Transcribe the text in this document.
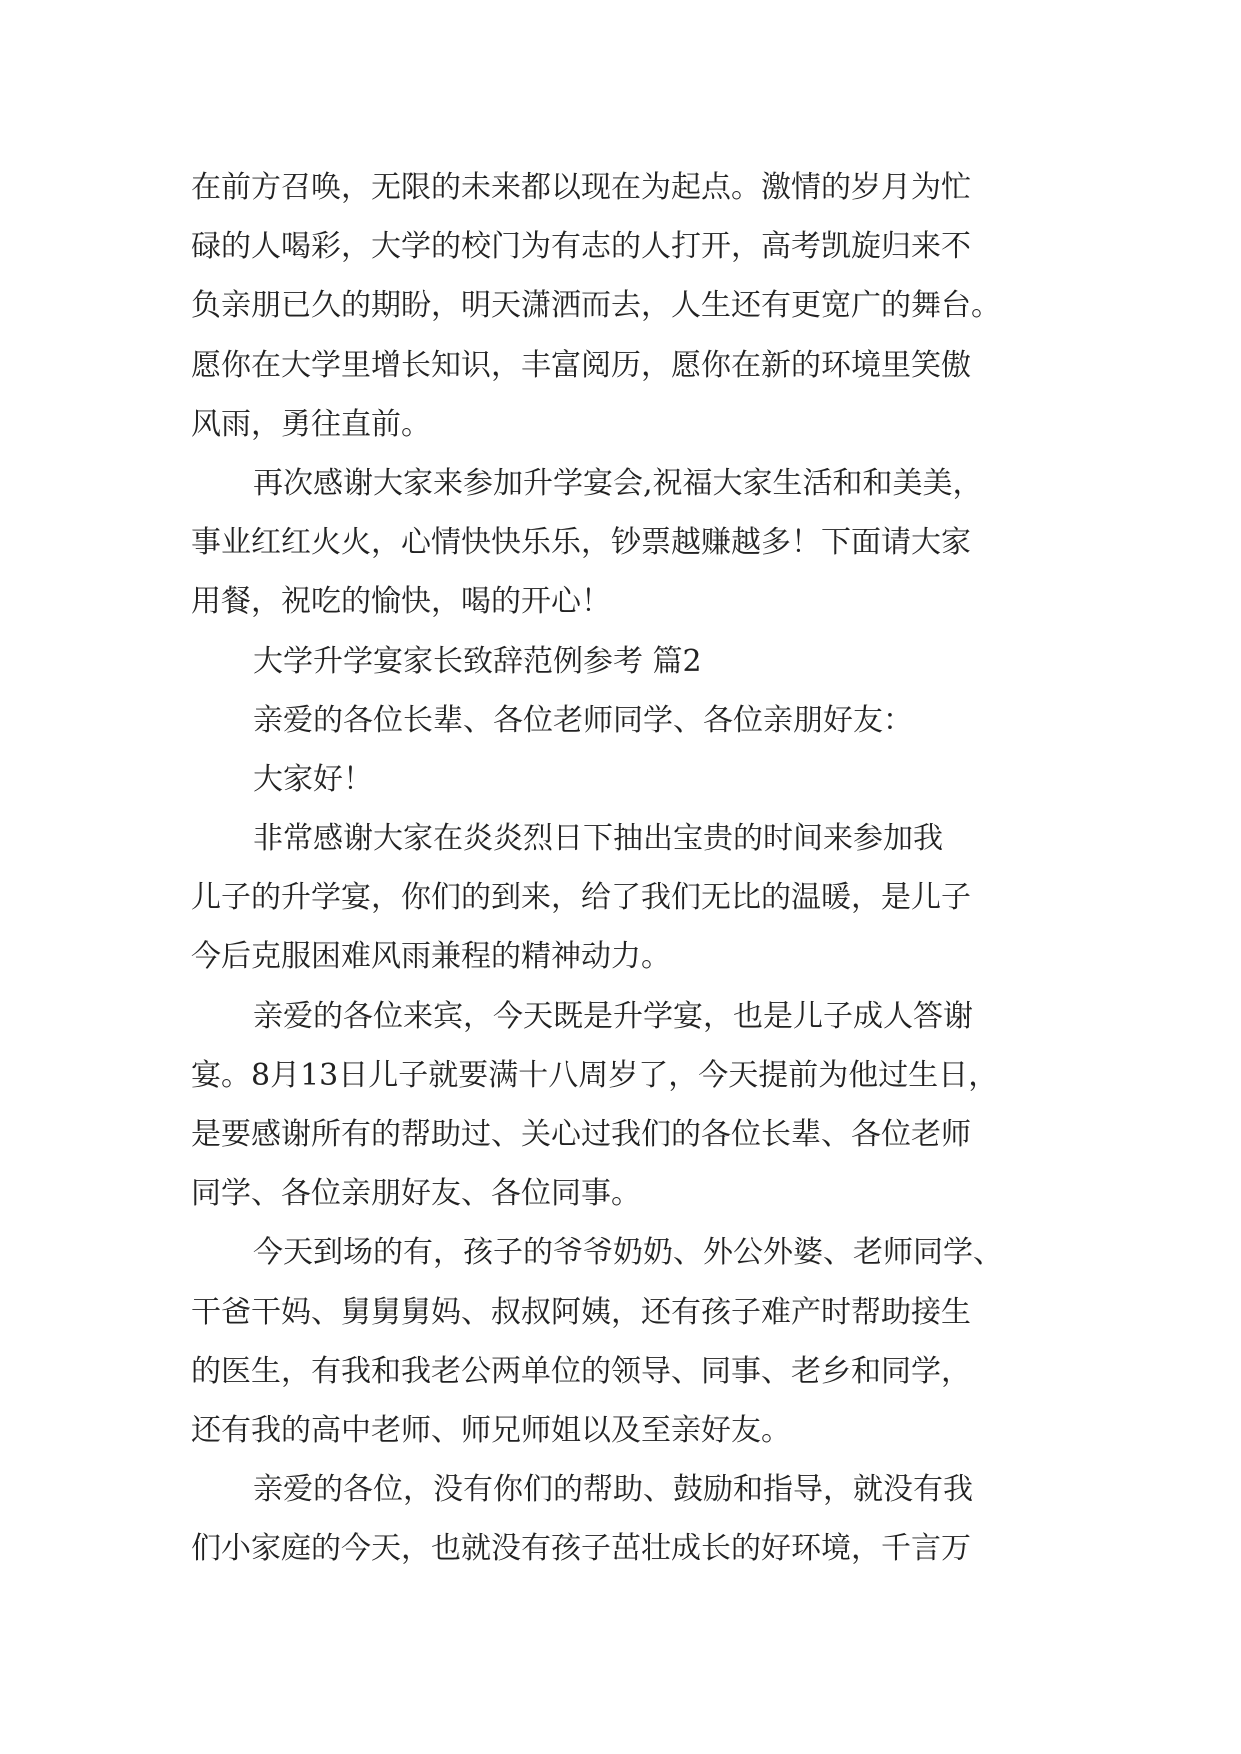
在前方召唤，无限的未来都以现在为起点。激情的岁月为忙
碌的人喝彩，大学的校门为有志的人打开，高考凯旋归来不
负亲朋已久的期盼，明天潇洒而去，人生还有更宽广的舞台。
愿你在大学里增长知识，丰富阅历，愿你在新的环境里笑傲
风雨，勇往直前。
再次感谢大家来参加升学宴会,祝福大家生活和和美美，
事业红红火火，心情快快乐乐，钞票越赚越多！下面请大家
用餐，祝吃的愉快，喝的开心！
大学升学宴家长致辞范例参考 篇2
亲爱的各位长辈、各位老师同学、各位亲朋好友：
大家好！
非常感谢大家在炎炎烈日下抽出宝贵的时间来参加我
儿子的升学宴，你们的到来，给了我们无比的温暖，是儿子
今后克服困难风雨兼程的精神动力。
亲爱的各位来宾，今天既是升学宴，也是儿子成人答谢
宴。8月13日儿子就要满十八周岁了，今天提前为他过生日，
是要感谢所有的帮助过、关心过我们的各位长辈、各位老师
同学、各位亲朋好友、各位同事。
今天到场的有，孩子的爷爷奶奶、外公外婆、老师同学、
干爸干妈、舅舅舅妈、叔叔阿姨，还有孩子难产时帮助接生
的医生，有我和我老公两单位的领导、同事、老乡和同学，
还有我的高中老师、师兄师姐以及至亲好友。
亲爱的各位，没有你们的帮助、鼓励和指导，就没有我
们小家庭的今天，也就没有孩子茁壮成长的好环境，千言万
